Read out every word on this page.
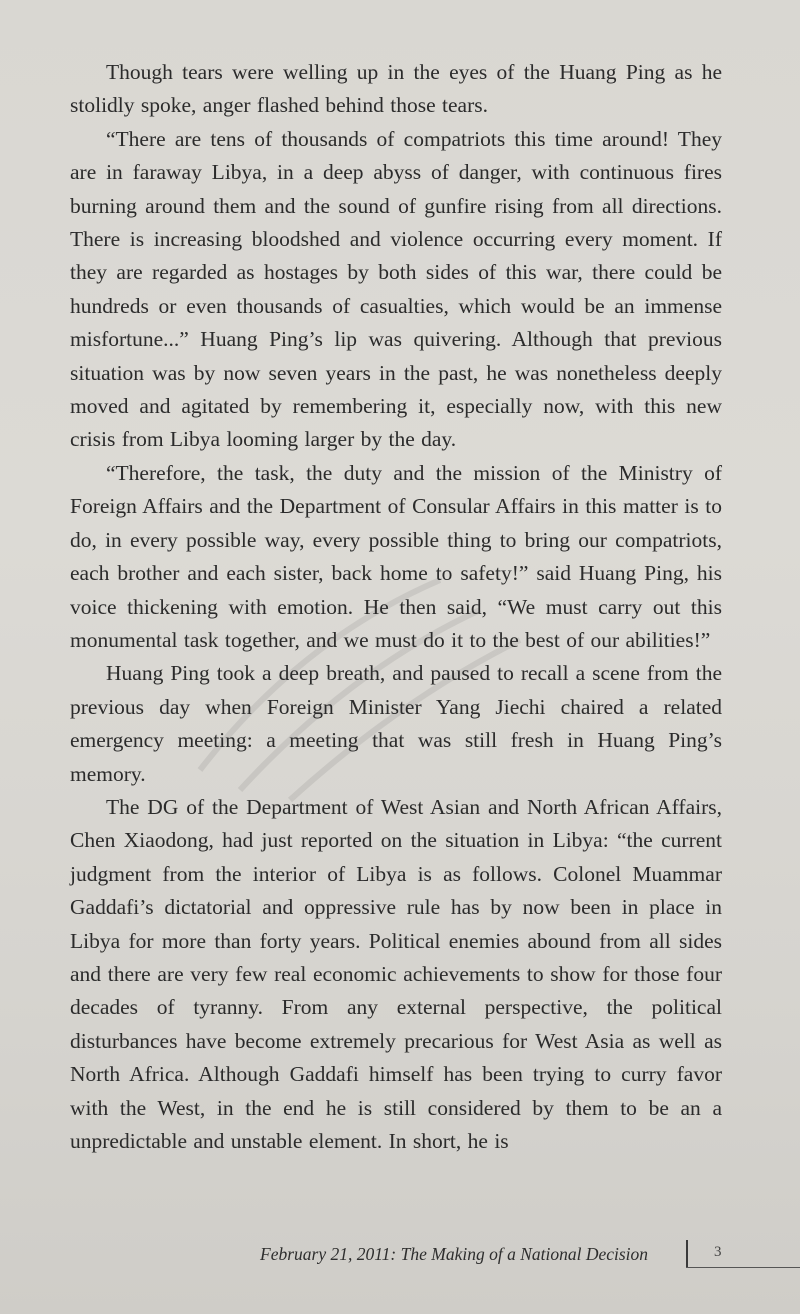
Though tears were welling up in the eyes of the Huang Ping as he stolidly spoke, anger flashed behind those tears.

“There are tens of thousands of compatriots this time around! They are in faraway Libya, in a deep abyss of danger, with continuous fires burning around them and the sound of gunfire rising from all directions. There is increasing bloodshed and violence occurring every moment. If they are regarded as hostages by both sides of this war, there could be hundreds or even thousands of casualties, which would be an immense misfortune...” Huang Ping’s lip was quivering. Although that previous situation was by now seven years in the past, he was nonetheless deeply moved and agitated by remembering it, especially now, with this new crisis from Libya looming larger by the day.

“Therefore, the task, the duty and the mission of the Ministry of Foreign Affairs and the Department of Consular Affairs in this matter is to do, in every possible way, every possible thing to bring our compatriots, each brother and each sister, back home to safety!” said Huang Ping, his voice thickening with emotion. He then said, “We must carry out this monumental task together, and we must do it to the best of our abilities!”

Huang Ping took a deep breath, and paused to recall a scene from the previous day when Foreign Minister Yang Jiechi chaired a related emergency meeting: a meeting that was still fresh in Huang Ping’s memory.

The DG of the Department of West Asian and North African Affairs, Chen Xiaodong, had just reported on the situation in Libya: “the current judgment from the interior of Libya is as follows. Colonel Muammar Gaddafi’s dictatorial and oppressive rule has by now been in place in Libya for more than forty years. Political enemies abound from all sides and there are very few real economic achievements to show for those four decades of tyranny. From any external perspective, the political disturbances have become extremely precarious for West Asia as well as North Africa. Although Gaddafi himself has been trying to curry favor with the West, in the end he is still considered by them to be an a unpredictable and unstable element. In short, he is

February 21, 2011: The Making of a National Decision	3
